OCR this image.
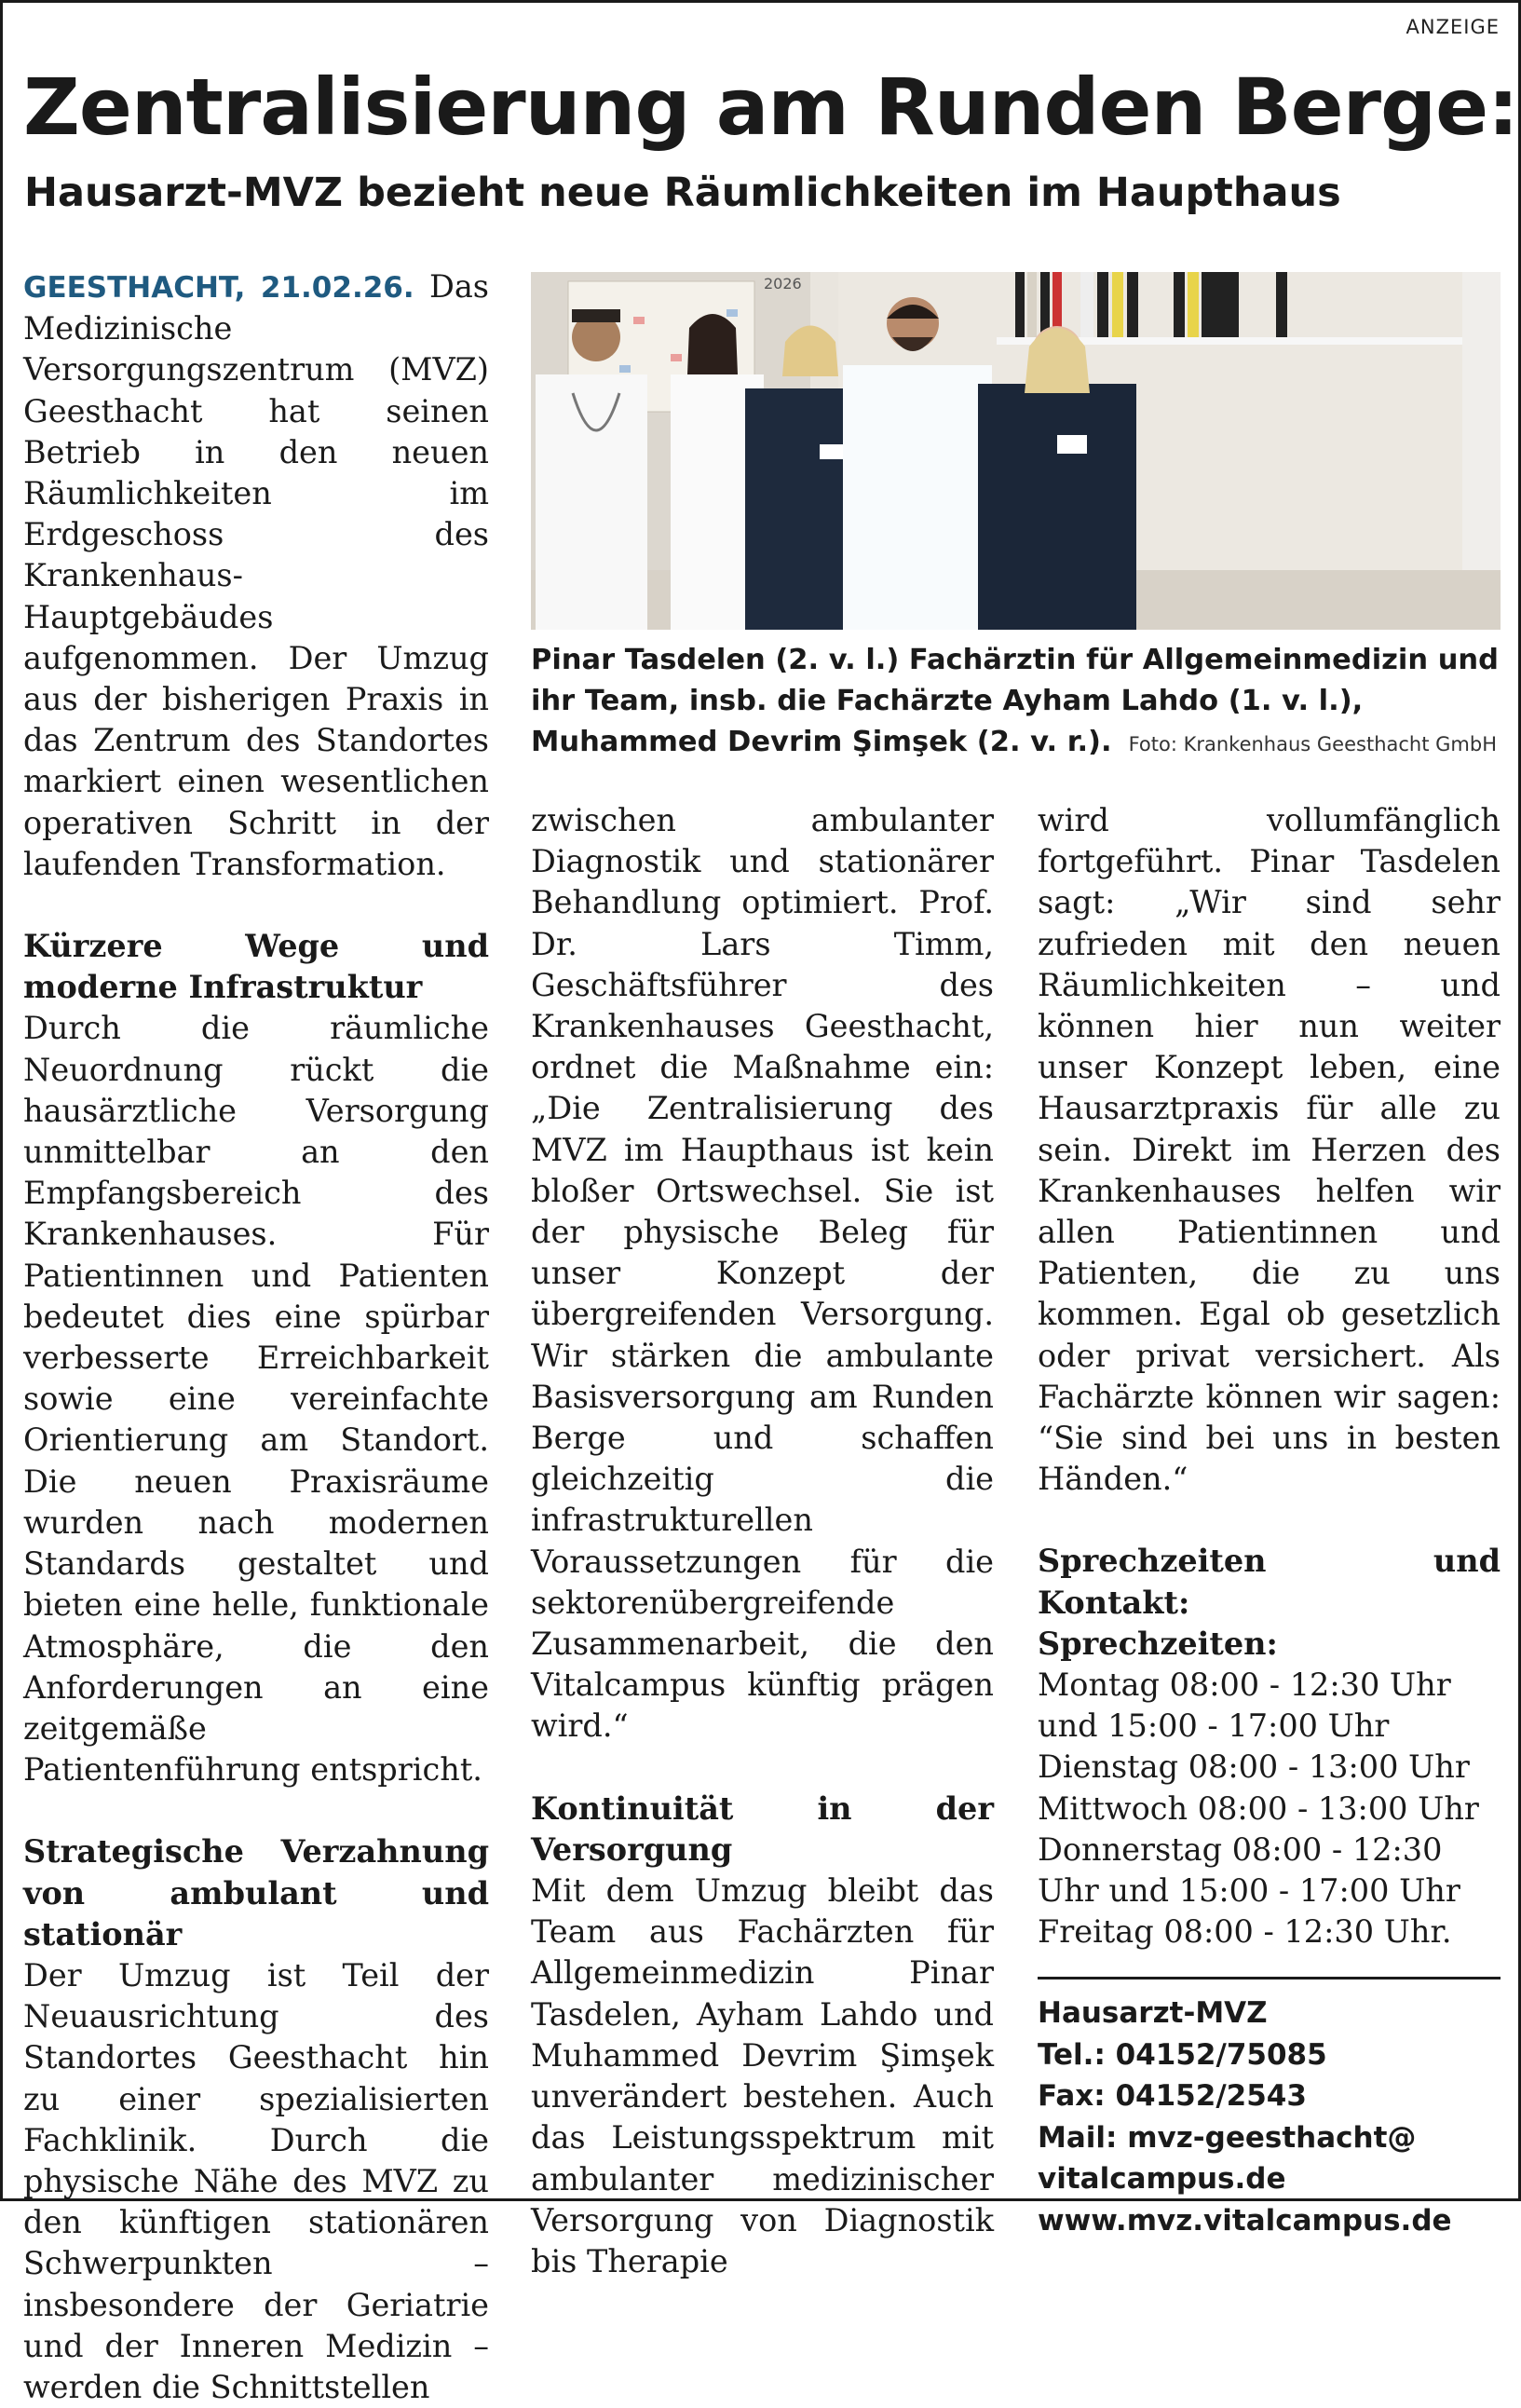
ANZEIGE
Zentralisierung am Runden Berge:
Hausarzt-MVZ bezieht neue Räumlichkeiten im Haupthaus

GEESTHACHT, 21.02.26. Das Medizinische Versorgungszentrum (MVZ) Geesthacht hat seinen Betrieb in den neuen Räumlichkeiten im Erdgeschoss des Krankenhaus-Hauptgebäudes aufgenommen. Der Umzug aus der bisherigen Praxis in das Zentrum des Standortes markiert einen wesentlichen operativen Schritt in der laufenden Transformation.

Kürzere Wege und moderne Infrastruktur

Durch die räumliche Neuordnung rückt die hausärztliche Versorgung unmittelbar an den Empfangsbereich des Krankenhauses. Für Patientinnen und Patienten bedeutet dies eine spürbar verbesserte Erreichbarkeit sowie eine vereinfachte Orientierung am Standort. Die neuen Praxisräume wurden nach modernen Standards gestaltet und bieten eine helle, funktionale Atmosphäre, die den Anforderungen an eine zeitgemäße Patientenführung entspricht.

Strategische Verzahnung von ambulant und stationär

Der Umzug ist Teil der Neuausrichtung des Standortes Geesthacht hin zu einer spezialisierten Fachklinik. Durch die physische Nähe des MVZ zu den künftigen stationären Schwerpunkten – insbesondere der Geriatrie und der Inneren Medizin – werden die Schnittstellen

2026
Pinar Tasdelen (2. v. l.) Fachärztin für Allgemeinmedizin und
ihr Team, insb. die Fachärzte Ayham Lahdo (1. v. l.),
Muhammed Devrim Şimşek (2. v. r.). Foto: Krankenhaus Geesthacht GmbH

zwischen ambulanter Diagnostik und stationärer Behandlung optimiert. Prof. Dr. Lars Timm, Geschäftsführer des Krankenhauses Geesthacht, ordnet die Maßnahme ein: „Die Zentralisierung des MVZ im Haupthaus ist kein bloßer Ortswechsel. Sie ist der physische Beleg für unser Konzept der übergreifenden Versorgung. Wir stärken die ambulante Basisversorgung am Runden Berge und schaffen gleichzeitig die infrastrukturellen Voraussetzungen für die sektorenübergreifende Zusammenarbeit, die den Vitalcampus künftig prägen wird.“

Kontinuität in der Versorgung

Mit dem Umzug bleibt das Team aus Fachärzten für Allgemeinmedizin Pinar Tasdelen, Ayham Lahdo und Muhammed Devrim Şimşek unverändert bestehen. Auch das Leistungsspektrum mit ambulanter medizinischer Versorgung von Diagnostik bis Therapie

wird vollumfänglich fortgeführt. Pinar Tasdelen sagt: „Wir sind sehr zufrieden mit den neuen Räumlichkeiten – und können hier nun weiter unser Konzept leben, eine Hausarztpraxis für alle zu sein. Direkt im Herzen des Krankenhauses helfen wir allen Patientinnen und Patienten, die zu uns kommen. Egal ob gesetzlich oder privat versichert. Als Fachärzte können wir sagen: “Sie sind bei uns in besten Händen.“

Sprechzeiten und Kontakt:
Sprechzeiten:
Montag 08:00 - 12:30 Uhr
und 15:00 - 17:00 Uhr
Dienstag 08:00 - 13:00 Uhr
Mittwoch 08:00 - 13:00 Uhr
Donnerstag 08:00 - 12:30
Uhr und 15:00 - 17:00 Uhr
Freitag 08:00 - 12:30 Uhr.
Hausarzt-MVZ
Tel.: 04152/75085
Fax: 04152/2543
Mail: mvz-geesthacht@
vitalcampus.de
www.mvz.vitalcampus.de
